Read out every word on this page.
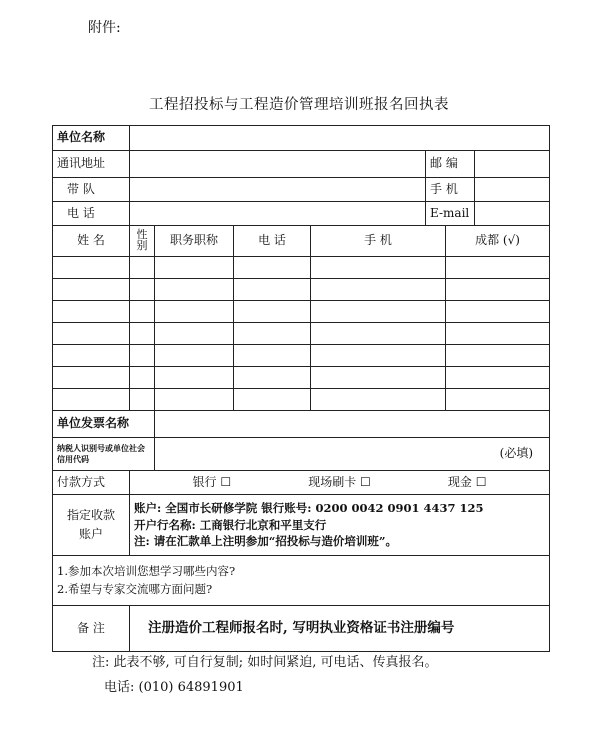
附件:
工程招投标与工程造价管理培训班报名回执表
单位名称							
通讯地址					邮 编		
带 队					手 机		
电 话					E-mail		
姓 名	性别	职务职称	电 话	手 机		成都 (√)	

单位发票名称							
纳税人识别号或单位社会信用代码		(必填)					

付款方式	银行 ☐ 现场刷卡 ☐ 现金 ☐						

指定收款账户	账户: 全国市长研修学院 银行账号: 0200 0042 0901 4437 125
开户行名称: 工商银行北京和平里支行
注: 请在汇款单上注明参加“招投标与造价培训班”。						

1.参加本次培训您想学习哪些内容?
2.希望与专家交流哪方面问题?							

备 注	注册造价工程师报名时, 写明执业资格证书注册编号						
注: 此表不够, 可自行复制; 如时间紧迫, 可电话、传真报名。
电话: (010) 64891901
